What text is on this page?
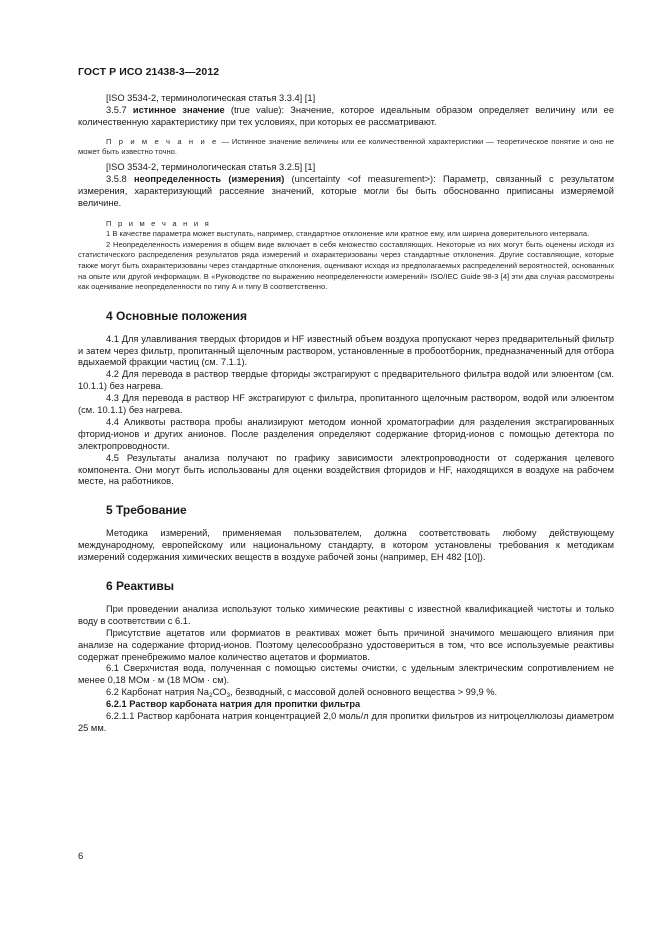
ГОСТ Р ИСО 21438-3—2012

[ISO 3534-2, терминологическая статья 3.3.4] [1]

3.5.7 истинное значение (true value): Значение, которое идеальным образом определяет величину или ее количественную характеристику при тех условиях, при которых ее рассматривают.

П р и м е ч а н и е — Истинное значение величины или ее количественной характеристики — теоретическое понятие и оно не может быть известно точно.

[ISO 3534-2, терминологическая статья 3.2.5] [1]

3.5.8 неопределенность (измерения) (uncertainty <of measurement>): Параметр, связанный с результатом измерения, характеризующий рассеяние значений, которые могли бы быть обоснованно приписаны измеряемой величине.

П р и м е ч а н и я

1 В качестве параметра может выступать, например, стандартное отклонение или кратное ему, или ширина доверительного интервала.

2 Неопределенность измерения в общем виде включает в себя множество составляющих. Некоторые из них могут быть оценены исходя из статистического распределения результатов ряда измерений и охарактеризованы через стандартные отклонения. Другие составляющие, которые также могут быть охарактеризованы через стандартные отклонения, оценивают исходя из предполагаемых распределений вероятностей, основанных на опыте или другой информации. В «Руководстве по выражению неопределенности измерений» ISO/IEC Guide 98-3 [4] эти два случая рассмотрены как оценивание неопределенности по типу А и типу В соответственно.

4 Основные положения

4.1 Для улавливания твердых фторидов и HF известный объем воздуха пропускают через предварительный фильтр и затем через фильтр, пропитанный щелочным раствором, установленные в пробоотборник, предназначенный для отбора вдыхаемой фракции частиц (см. 7.1.1).

4.2 Для перевода в раствор твердые фториды экстрагируют с предварительного фильтра водой или элюентом (см. 10.1.1) без нагрева.

4.3 Для перевода в раствор HF экстрагируют с фильтра, пропитанного щелочным раствором, водой или элюентом (см. 10.1.1) без нагрева.

4.4 Аликвоты раствора пробы анализируют методом ионной хроматографии для разделения экстрагированных фторид-ионов и других анионов. После разделения определяют содержание фторид-ионов с помощью детектора по электропроводности.

4.5 Результаты анализа получают по графику зависимости электропроводности от содержания целевого компонента. Они могут быть использованы для оценки воздействия фторидов и HF, находящихся в воздухе на рабочем месте, на работников.

5 Требование

Методика измерений, применяемая пользователем, должна соответствовать любому действующему международному, европейскому или национальному стандарту, в котором установлены требования к методикам измерений содержания химических веществ в воздухе рабочей зоны (например, ЕН 482 [10]).

6 Реактивы

При проведении анализа используют только химические реактивы с известной квалификацией чистоты и только воду в соответствии с 6.1.

Присутствие ацетатов или формиатов в реактивах может быть причиной значимого мешающего влияния при анализе на содержание фторид-ионов. Поэтому целесообразно удостовериться в том, что все используемые реактивы содержат пренебрежимо малое количество ацетатов и формиатов.

6.1 Сверхчистая вода, полученная с помощью системы очистки, с удельным электрическим сопротивлением не менее 0,18 МОм · м (18 МОм · см).

6.2 Карбонат натрия $Na_2CO_3$, безводный, с массовой долей основного вещества > 99,9 %.

6.2.1 Раствор карбоната натрия для пропитки фильтра

6.2.1.1 Раствор карбоната натрия концентрацией 2,0 моль/л для пропитки фильтров из нитроцеллюлозы диаметром 25 мм.

6
